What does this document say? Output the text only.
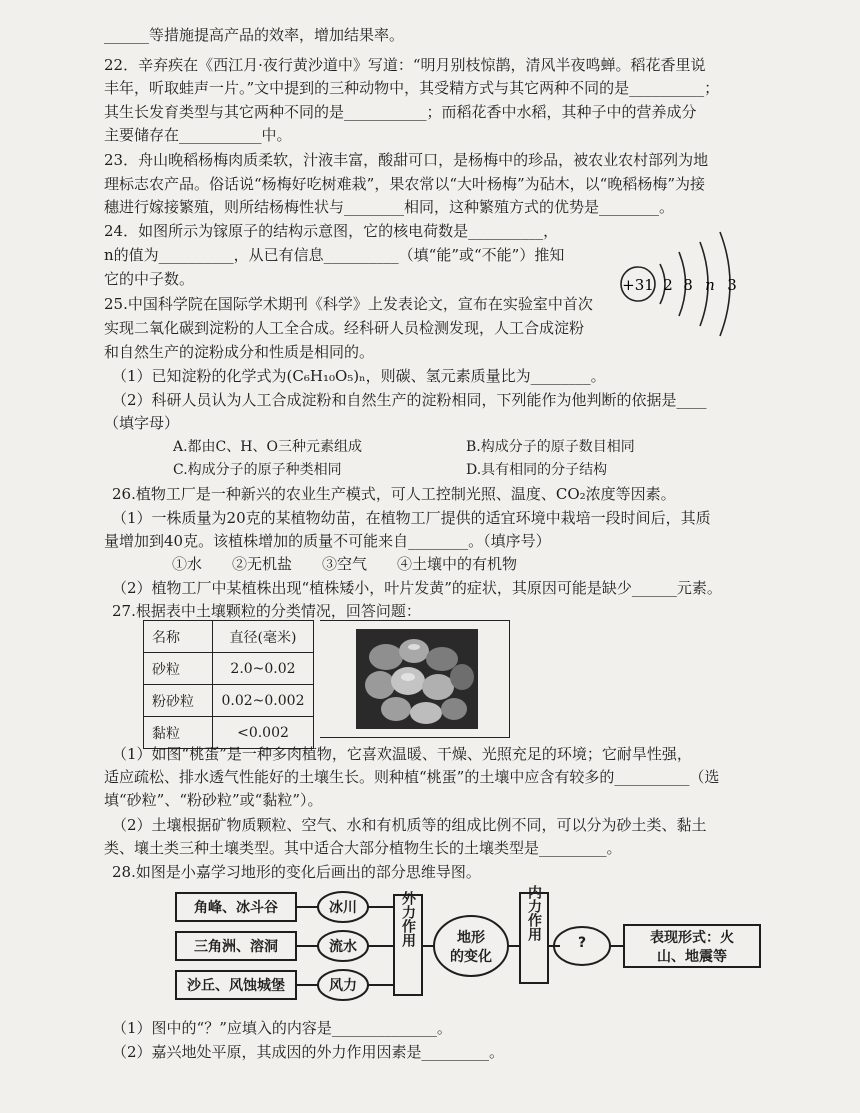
______等措施提高产品的效率，增加结果率。
22．辛弃疾在《西江月·夜行黄沙道中》写道：“明月别枝惊鹊，清风半夜鸣蝉。稻花香里说
丰年，听取蛙声一片。”文中提到的三种动物中，其受精方式与其它两种不同的是__________；
其生长发育类型与其它两种不同的是___________；而稻花香中水稻，其种子中的营养成分
主要储存在___________中。
23．舟山晚稻杨梅肉质柔软，汁液丰富，酸甜可口，是杨梅中的珍品，被农业农村部列为地
理标志农产品。俗话说“杨梅好吃树难栽”，果农常以“大叶杨梅”为砧木，以“晚稻杨梅”为接
穗进行嫁接繁殖，则所结杨梅性状与________相同，这种繁殖方式的优势是________。
24．如图所示为镓原子的结构示意图，它的核电荷数是__________，
n的值为__________，从已有信息__________（填“能”或“不能”）推知
它的中子数。	+31 2 8 n 3
25.中国科学院在国际学术期刊《科学》上发表论文，宣布在实验室中首次
实现二氧化碳到淀粉的人工全合成。经科研人员检测发现，人工合成淀粉
和自然生产的淀粉成分和性质是相同的。
（1）已知淀粉的化学式为(C₆H₁₀O₅)ₙ，则碳、氢元素质量比为________。
（2）科研人员认为人工合成淀粉和自然生产的淀粉相同，下列能作为他判断的依据是____
（填字母）
A.都由C、H、O三种元素组成	B.构成分子的原子数目相同
C.构成分子的原子种类相同	D.具有相同的分子结构
26.植物工厂是一种新兴的农业生产模式，可人工控制光照、温度、CO₂浓度等因素。
（1）一株质量为20克的某植物幼苗，在植物工厂提供的适宜环境中栽培一段时间后，其质
量增加到40克。该植株增加的质量不可能来自________。（填序号）
①水　　②无机盐　　③空气　　④土壤中的有机物
（2）植物工厂中某植株出现“植株矮小，叶片发黄”的症状，其原因可能是缺少______元素。
27.根据表中土壤颗粒的分类情况，回答问题：
名称	直径(毫米)
砂粒	2.0~0.02
粉砂粒	0.02~0.002
黏粒	<0.002
（1）如图“桃蛋”是一种多肉植物，它喜欢温暖、干燥、光照充足的环境；它耐旱性强，
适应疏松、排水透气性能好的土壤生长。则种植“桃蛋”的土壤中应含有较多的__________（选
填“砂粒”、“粉砂粒”或“黏粒”）。
（2）土壤根据矿物质颗粒、空气、水和有机质等的组成比例不同，可以分为砂土类、黏土
类、壤土类三种土壤类型。其中适合大部分植物生长的土壤类型是_________。
28.如图是小嘉学习地形的变化后画出的部分思维导图。
角峰、冰斗谷
三角洲、溶洞
沙丘、风蚀城堡
冰川
流水
风力
外力作用	地形
的变化
内力作用
?	表现形式：火
山、地震等
（1）图中的“？”应填入的内容是______________。
（2）嘉兴地处平原，其成因的外力作用因素是_________。
